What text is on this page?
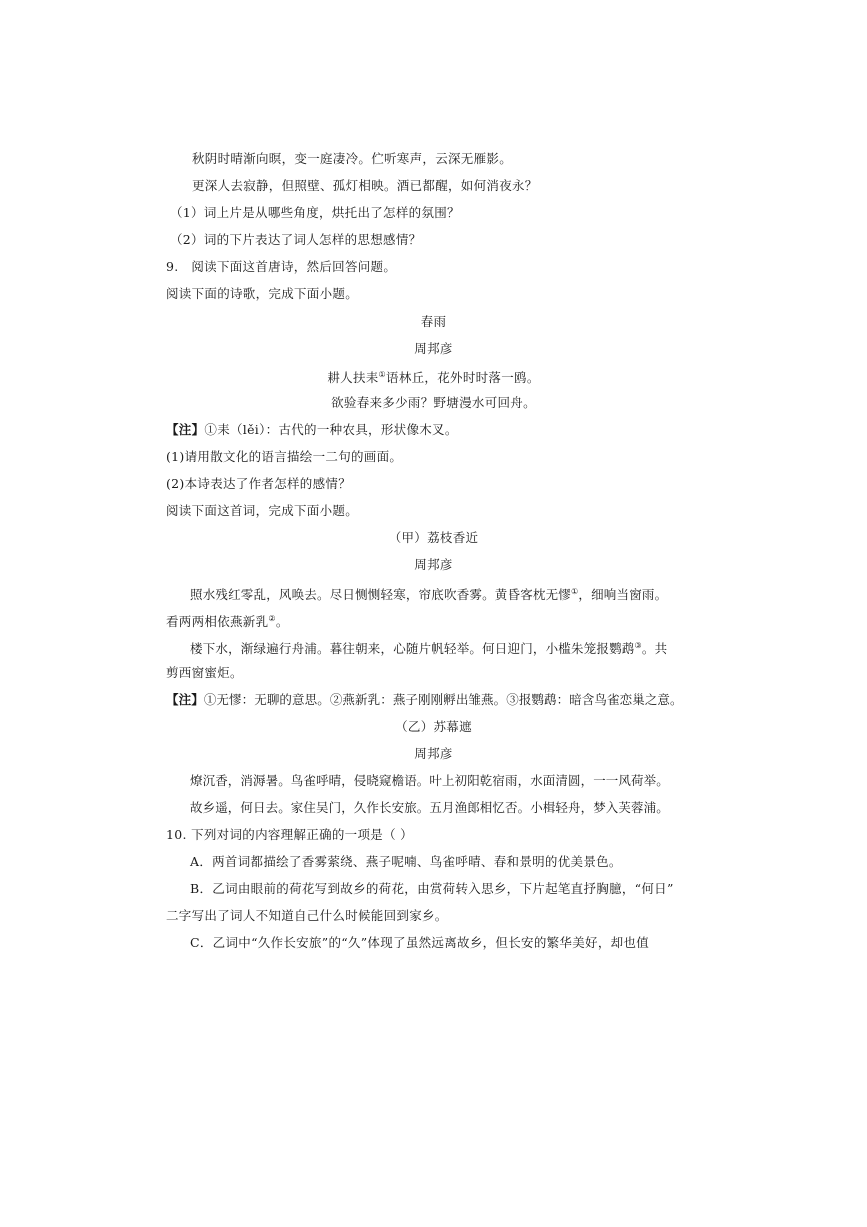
秋阴时晴渐向暝，变一庭凄冷。伫听寒声，云深无雁影。
更深人去寂静，但照壁、孤灯相映。酒已都醒，如何消夜永？
（1）词上片是从哪些角度，烘托出了怎样的氛围？
（2）词的下片表达了词人怎样的思想感情？
9. 阅读下面这首唐诗，然后回答问题。
阅读下面的诗歌，完成下面小题。
春雨
周邦彦
耕人扶耒①语林丘，花外时时落一鸥。
欲验春来多少雨？野塘漫水可回舟。
【注】①耒（lěi）：古代的一种农具，形状像木叉。
(1)请用散文化的语言描绘一二句的画面。
(2)本诗表达了作者怎样的感情？
阅读下面这首词，完成下面小题。
（甲）荔枝香近
周邦彦
照水残红零乱，风唤去。尽日恻恻轻寒，帘底吹香雾。黄昏客枕无憀①，细响当窗雨。
看两两相依燕新乳②。
楼下水，渐绿遍行舟浦。暮往朝来，心随片帆轻举。何日迎门，小槛朱笼报鹦鹉③。共
剪西窗蜜炬。
【注】①无憀：无聊的意思。②燕新乳：燕子刚刚孵出雏燕。③报鹦鹉：暗含鸟雀恋巢之意。
（乙）苏幕遮
周邦彦
燎沉香，消溽暑。鸟雀呼晴，侵晓窥檐语。叶上初阳乾宿雨，水面清圆，一一风荷举。
故乡遥，何日去。家住吴门，久作长安旅。五月渔郎相忆否。小楫轻舟，梦入芙蓉浦。
10. 下列对词的内容理解正确的一项是（ ）
A．两首词都描绘了香雾萦绕、燕子呢喃、鸟雀呼晴、春和景明的优美景色。
B．乙词由眼前的荷花写到故乡的荷花，由赏荷转入思乡，下片起笔直抒胸臆，“何日”
二字写出了词人不知道自己什么时候能回到家乡。
C．乙词中“久作长安旅”的“久”体现了虽然远离故乡，但长安的繁华美好，却也值
